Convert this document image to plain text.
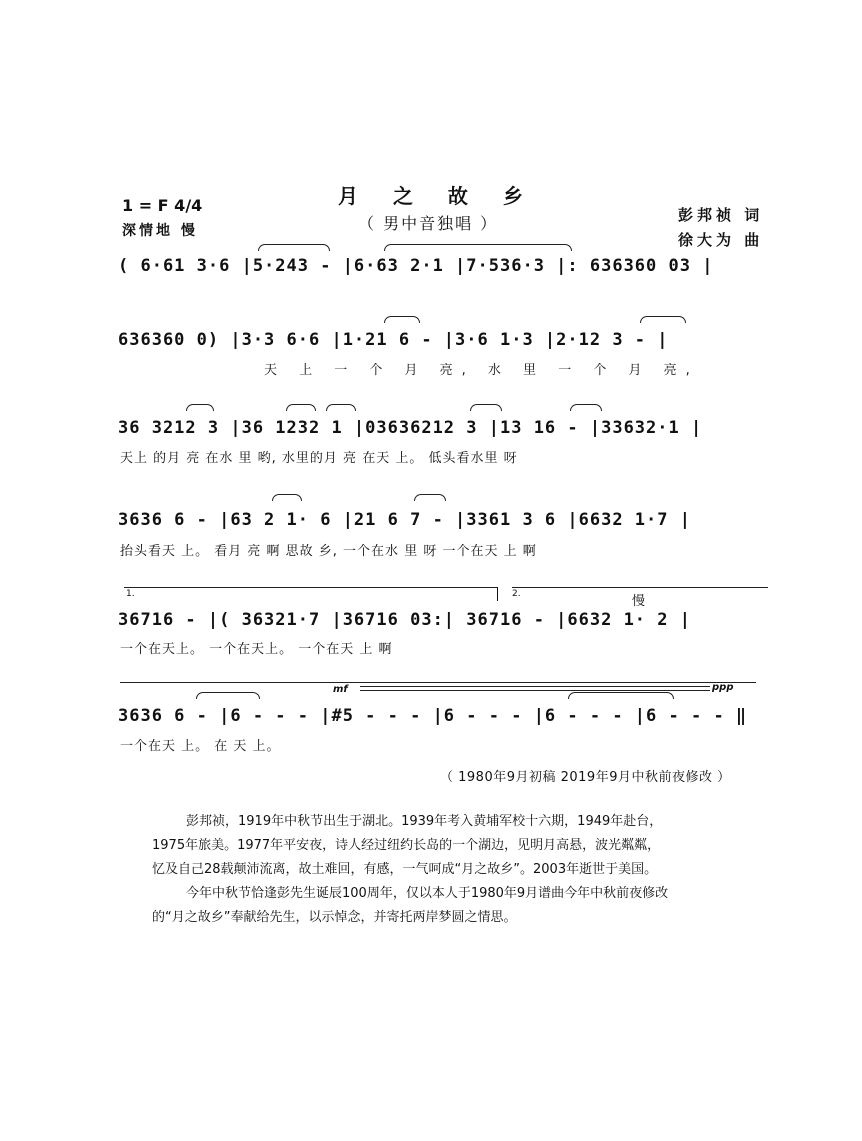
月 之 故 乡
（ 男中音独唱 ）
1 = F 4/4
深情地 慢
彭邦祯 词
徐大为 曲
( 6·61 3·6 |5·243 - |6·63 2·1 |7·536·3 |: 636360 03 |
636360 0) |3·3 6·6 |1·21 6 - |3·6 1·3 |2·12 3 - |
天 上 一 个 月 亮, 水 里 一 个 月 亮,
36 3212 3 |36 1232 1 |03636212 3 |13 16 - |33632·1 |
天上 的月 亮 在水 里 哟, 水里的月 亮 在天 上。 低头看水里 呀
3636 6 - |63 2 1· 6 |21 6 7 - |3361 3 6 |6632 1·7 |
抬头看天 上。 看月 亮 啊 思故 乡, 一个在水 里 呀 一个在天 上 啊
1.	2.	慢
36716 - |( 36321·7 |36716 03:| 36716 - |6632 1· 2 |
一个在天上。 一个在天上。 一个在天 上 啊
mf	ppp
3636 6 - |6 - - - |#5 - - - |6 - - - |6 - - - |6 - - - ‖
一个在天 上。 在 天 上。
（ 1980年9月初稿 2019年9月中秋前夜修改 ）
彭邦祯，1919年中秋节出生于湖北。1939年考入黄埔军校十六期，1949年赴台，
1975年旅美。1977年平安夜，诗人经过纽约长岛的一个湖边，见明月高悬，波光粼粼，
忆及自己28载颠沛流离，故土难回，有感，一气呵成“月之故乡”。2003年逝世于美国。
今年中秋节恰逢彭先生诞辰100周年，仅以本人于1980年9月谱曲今年中秋前夜修改
的“月之故乡”奉献给先生，以示悼念，并寄托两岸梦圆之情思。
